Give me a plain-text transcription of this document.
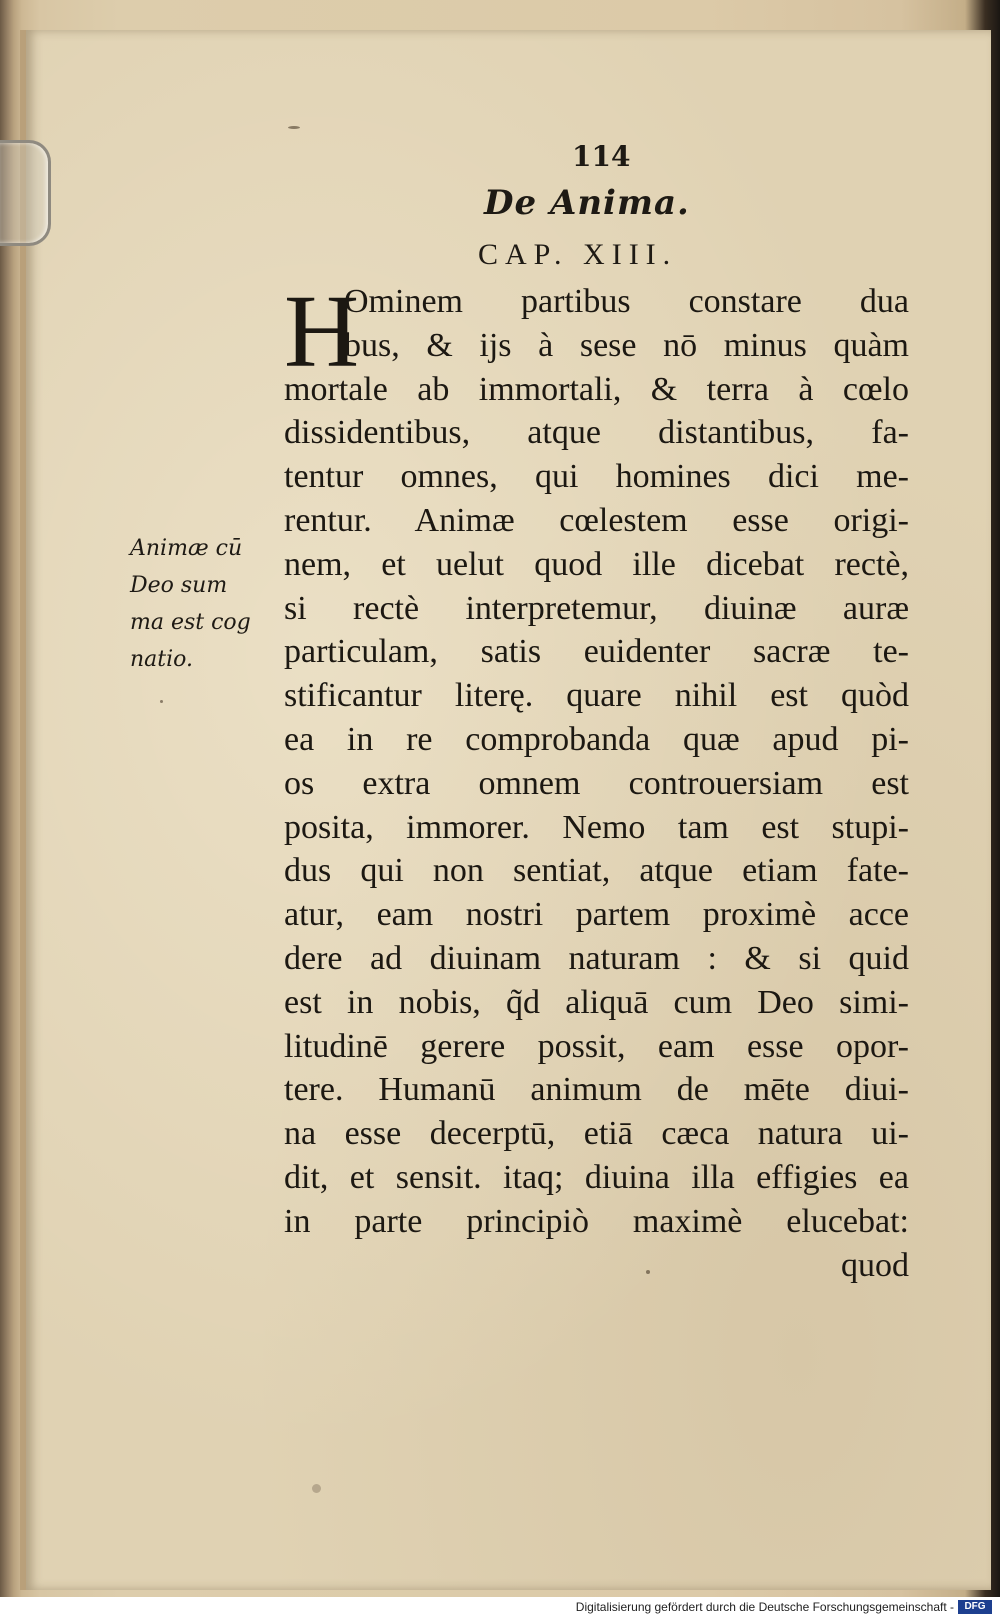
114
De Anima.
CAP. XIII.
H
Ominem partibus constare dua
bus, & ijs à sese nō minus quàm
mortale ab immortali, & terra à cœlo
dissidentibus, atque distantibus, fa-
tentur omnes, qui homines dici me-
rentur. Animæ cœlestem esse origi-
nem, et uelut quod ille dicebat rectè,
si rectè interpretemur, diuinæ auræ
particulam, satis euidenter sacræ te-
stificantur literę. quare nihil est quòd
ea in re comprobanda quæ apud pi-
os extra omnem controuersiam est
posita, immorer. Nemo tam est stupi-
dus qui non sentiat, atque etiam fate-
atur, eam nostri partem proximè acce
dere ad diuinam naturam : & si quid
est in nobis, q̃d aliquā cum Deo simi-
litudinē gerere possit, eam esse opor-
tere. Humanū animum de mēte diui-
na esse decerptū, etiā cæca natura ui-
dit, et sensit. itaq; diuina illa effigies ea
in parte principiò maximè elucebat:
quod
Animæ cū
Deo sum
ma est cog
natio.
Digitalisierung gefördert durch die Deutsche Forschungsgemeinschaft -	DFG
